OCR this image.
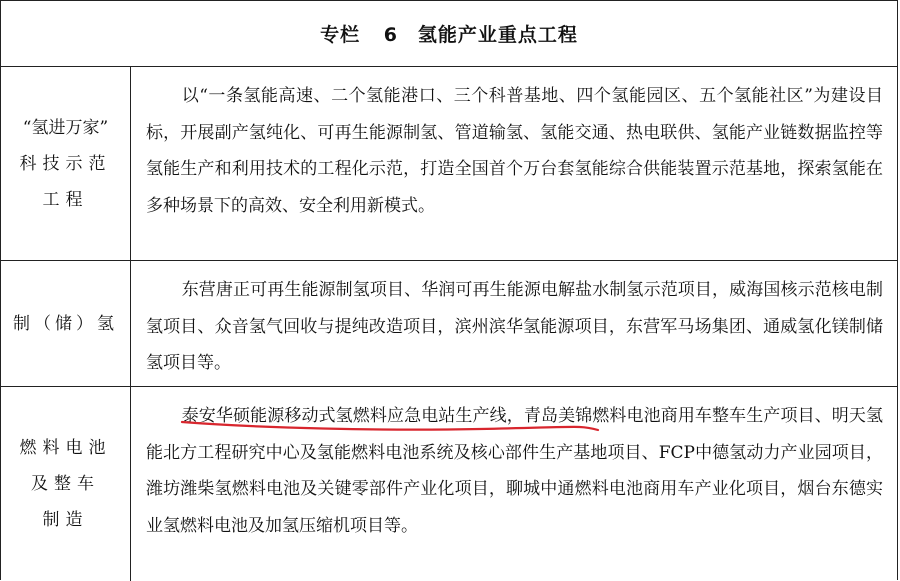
专栏 6　氢能产业重点工程
“氢进万家”
科技示范
工程

以“一条氢能高速、二个氢能港口、三个科普基地、四个氢能园区、五个氢能社区”为建设目标，开展副产氢纯化、可再生能源制氢、管道输氢、氢能交通、热电联供、氢能产业链数据监控等氢能生产和利用技术的工程化示范，打造全国首个万台套氢能综合供能装置示范基地，探索氢能在多种场景下的高效、安全利用新模式。

制（储）氢

东营唐正可再生能源制氢项目、华润可再生能源电解盐水制氢示范项目，威海国核示范核电制氢项目、众音氢气回收与提纯改造项目，滨州滨华氢能源项目，东营军马场集团、通威氢化镁制储氢项目等。

燃料电池
及整车
制造

泰安华硕能源移动式氢燃料应急电站生产线，青岛美锦燃料电池商用车整车生产项目、明天氢能北方工程研究中心及氢能燃料电池系统及核心部件生产基地项目、FCP中德氢动力产业园项目，潍坊潍柴氢燃料电池及关键零部件产业化项目，聊城中通燃料电池商用车产业化项目，烟台东德实业氢燃料电池及加氢压缩机项目等。
